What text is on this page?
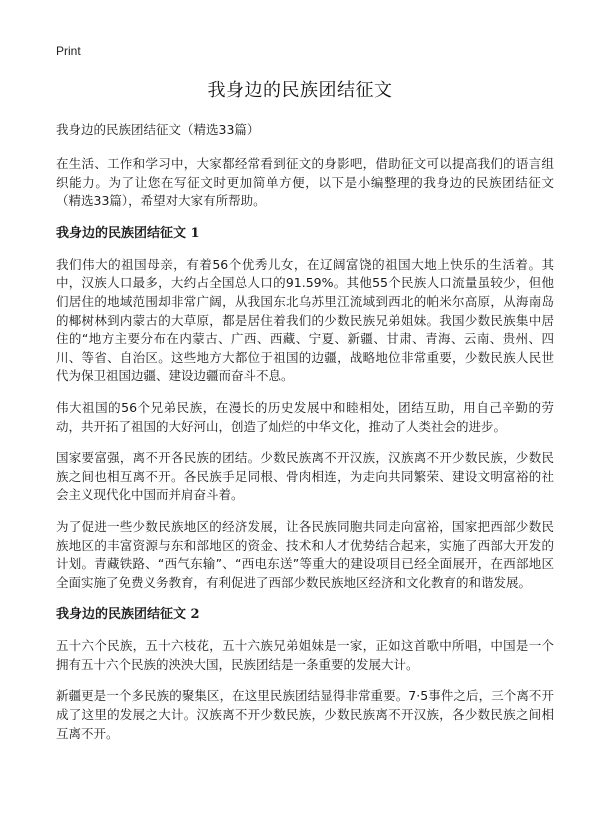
Print
我身边的民族团结征文

我身边的民族团结征文（精选33篇）

在生活、工作和学习中，大家都经常看到征文的身影吧，借助征文可以提高我们的语言组织能力。为了让您在写征文时更加简单方便，以下是小编整理的我身边的民族团结征文（精选33篇），希望对大家有所帮助。

我身边的民族团结征文 1

我们伟大的祖国母亲，有着56个优秀儿女，在辽阔富饶的祖国大地上快乐的生活着。其中，汉族人口最多，大约占全国总人口的91.59%。其他55个民族人口流量虽较少，但他们居住的地域范围却非常广阔，从我国东北乌苏里江流域到西北的帕米尔高原，从海南岛的椰树林到内蒙古的大草原，都是居住着我们的少数民族兄弟姐妹。我国少数民族集中居住的“地方主要分布在内蒙古、广西、西藏、宁夏、新疆、甘肃、青海、云南、贵州、四川、等省、自治区。这些地方大都位于祖国的边疆，战略地位非常重要，少数民族人民世代为保卫祖国边疆、建设边疆而奋斗不息。

伟大祖国的56个兄弟民族，在漫长的历史发展中和睦相处，团结互助，用自己辛勤的劳动，共开拓了祖国的大好河山，创造了灿烂的中华文化，推动了人类社会的进步。

国家要富强，离不开各民族的团结。少数民族离不开汉族，汉族离不开少数民族，少数民族之间也相互离不开。各民族手足同根、骨肉相连，为走向共同繁荣、建设文明富裕的社会主义现代化中国而并肩奋斗着。

为了促进一些少数民族地区的经济发展，让各民族同胞共同走向富裕，国家把西部少数民族地区的丰富资源与东和部地区的资金、技术和人才优势结合起来，实施了西部大开发的计划。青藏铁路、“西气东输”、“西电东送”等重大的建设项目已经全面展开，在西部地区全面实施了免费义务教育，有利促进了西部少数民族地区经济和文化教育的和谐发展。

我身边的民族团结征文 2

五十六个民族，五十六枝花，五十六族兄弟姐妹是一家，正如这首歌中所唱，中国是一个拥有五十六个民族的泱泱大国，民族团结是一条重要的发展大计。

新疆更是一个多民族的聚集区，在这里民族团结显得非常重要。7·5事件之后，三个离不开成了这里的发展之大计。汉族离不开少数民族，少数民族离不开汉族，各少数民族之间相互离不开。
